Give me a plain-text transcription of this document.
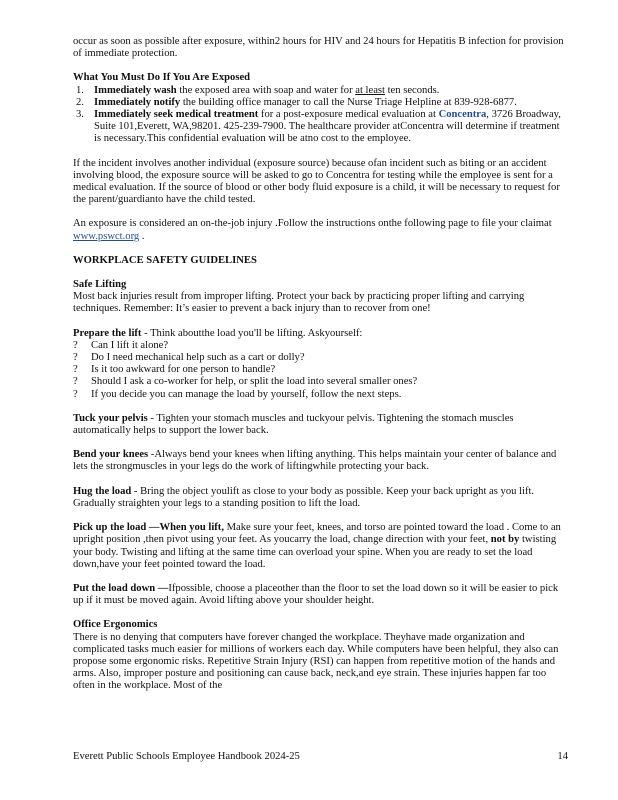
occur as soon as possible after exposure, within2 hours for HIV and 24 hours for Hepatitis B infection for provision of immediate protection.

What You Must Do If You Are Exposed

1. Immediately wash the exposed area with soap and water for at least ten seconds.
2. Immediately notify the building office manager to call the Nurse Triage Helpline at 839-928-6877.
3. Immediately seek medical treatment for a post-exposure medical evaluation at Concentra, 3726 Broadway, Suite 101,Everett, WA,98201. 425-239-7900. The healthcare provider atConcentra will determine if treatment is necessary.This confidential evaluation will be atno cost to the employee.

If the incident involves another individual (exposure source) because ofan incident such as biting or an accident involving blood, the exposure source will be asked to go to Concentra for testing while the employee is sent for a medical evaluation. If the source of blood or other body fluid exposure is a child, it will be necessary to request for the parent/guardianto have the child tested.

An exposure is considered an on-the-job injury .Follow the instructions onthe following page to file your claimat www.pswct.org .

WORKPLACE SAFETY GUIDELINES

Safe Lifting

Most back injuries result from improper lifting. Protect your back by practicing proper lifting and carrying techniques. Remember: It’s easier to prevent a back injury than to recover from one!

Prepare the lift - Think aboutthe load you'll be lifting. Askyourself:

?	Can I lift it alone?
?	Do I need mechanical help such as a cart or dolly?
?	Is it too awkward for one person to handle?
?	Should I ask a co-worker for help, or split the load into several smaller ones?
?	If you decide you can manage the load by yourself, follow the next steps.

Tuck your pelvis - Tighten your stomach muscles and tuckyour pelvis. Tightening the stomach muscles automatically helps to support the lower back.

Bend your knees -Always bend your knees when lifting anything. This helps maintain your center of balance and lets the strongmuscles in your legs do the work of liftingwhile protecting your back.

Hug the load - Bring the object youlift as close to your body as possible. Keep your back upright as you lift. Gradually straighten your legs to a standing position to lift the load.

Pick up the load —When you lift, Make sure your feet, knees, and torso are pointed toward the load . Come to an upright position ,then pivot using your feet. As youcarry the load, change direction with your feet, not by twisting your body. Twisting and lifting at the same time can overload your spine. When you are ready to set the load down,have your feet pointed toward the load.

Put the load down —Ifpossible, choose a placeother than the floor to set the load down so it will be easier to pick up if it must be moved again. Avoid lifting above your shoulder height.

Office Ergonomics

There is no denying that computers have forever changed the workplace. Theyhave made organization and complicated tasks much easier for millions of workers each day. While computers have been helpful, they also can propose some ergonomic risks. Repetitive Strain Injury (RSI) can happen from repetitive motion of the hands and arms. Also, improper posture and positioning can cause back, neck,and eye strain. These injuries happen far too often in the workplace. Most of the

Everett Public Schools Employee Handbook 2024-25	14
